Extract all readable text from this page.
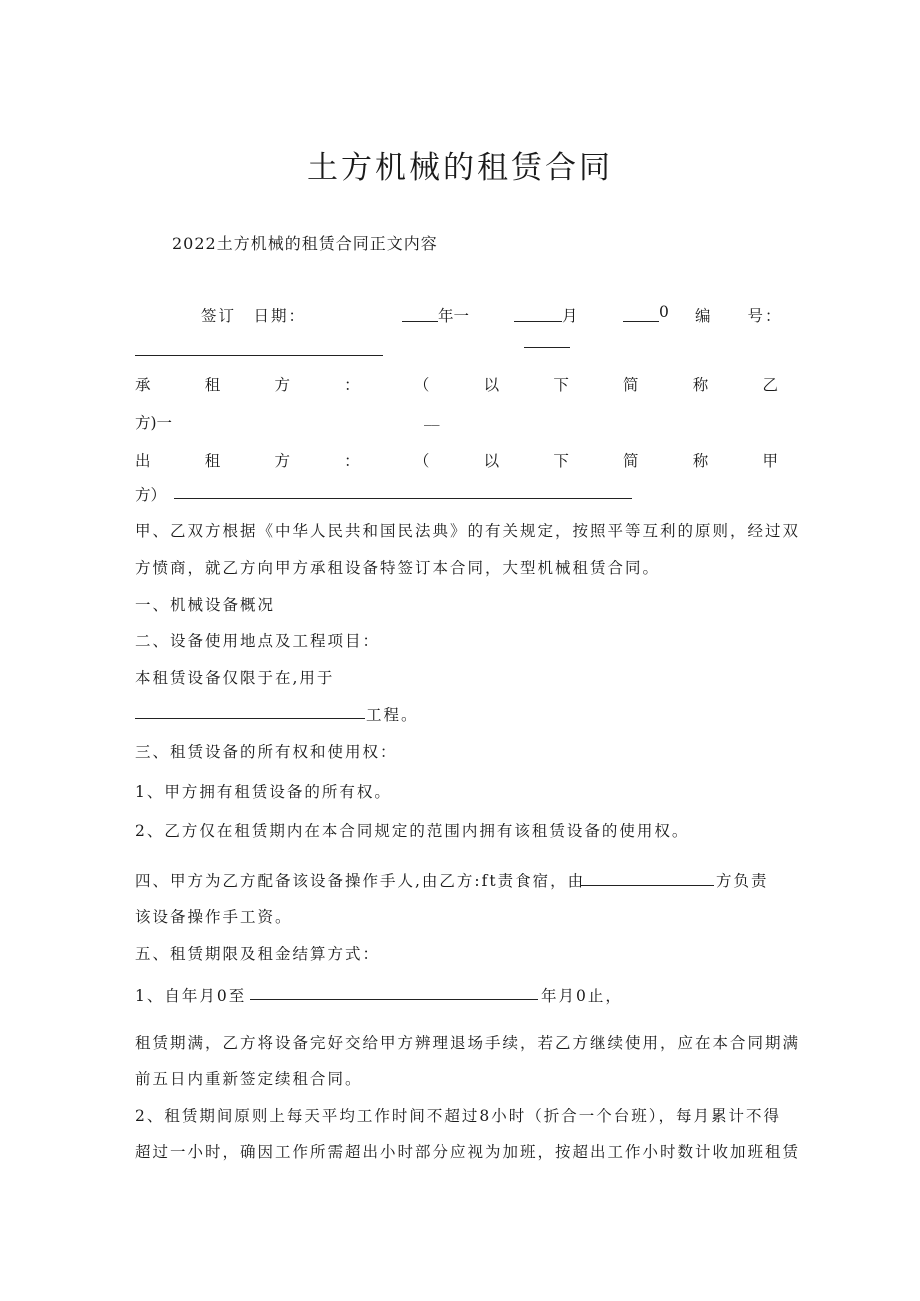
土方机械的租赁合同
2022土方机械的租赁合同正文内容
签订　日期：	年一	月	0 编　　号：
承	租	方	：	（	以	下	简	称	乙
方)一	__
出	租	方	：	（	以	下	简	称	甲
方）
甲、乙双方根据《中华人民共和国民法典》的有关规定，按照平等互利的原则，经过双
方愤商，就乙方向甲方承租设备特签订本合同，大型机械租赁合同。
一、机械设备概况
二、设备使用地点及工程项目：
本租赁设备仅限于在,用于
工程。
三、租赁设备的所有权和使用权：
1、甲方拥有租赁设备的所有权。
2、乙方仅在租赁期内在本合同规定的范围内拥有该租赁设备的使用权。
四、甲方为乙方配备该设备操作手人,由乙方:ft责食宿，由	方负责
该设备操作手工资。
五、租赁期限及租金结算方式：
1、自年月0至	年月0止，
租赁期满，乙方将设备完好交给甲方辨理退场手续，若乙方继续使用，应在本合同期满
前五日内重新签定续租合同。
2、租赁期间原则上每天平均工作时间不超过8小时（折合一个台班），每月累计不得
超过一小时，确因工作所需超出小时部分应视为加班，按超出工作小时数计收加班租赁
